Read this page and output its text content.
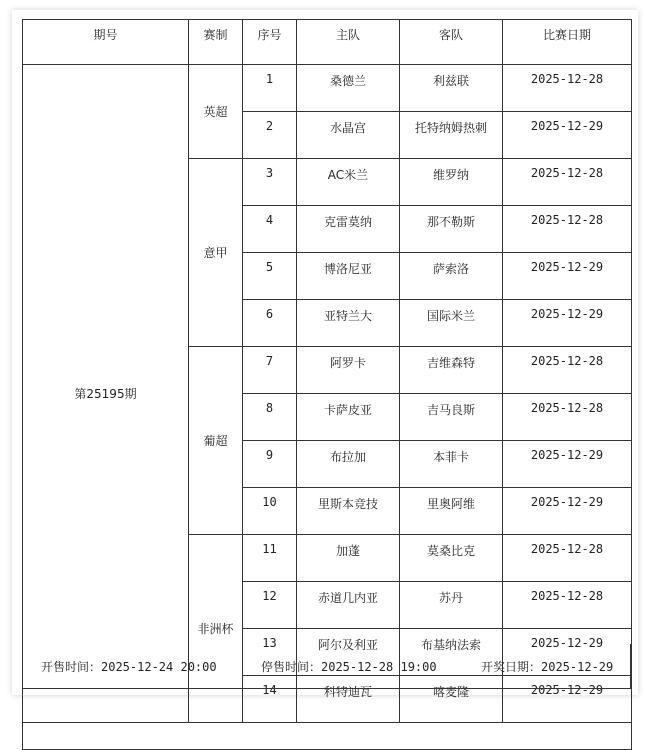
期号	赛制	序号	主队	客队	比赛日期
第25195期	英超	1	桑德兰	利兹联	2025-12-28
		2	水晶宫	托特纳姆热刺	2025-12-29
	意甲	3	AC米兰	维罗纳	2025-12-28
		4	克雷莫纳	那不勒斯	2025-12-28
		5	博洛尼亚	萨索洛	2025-12-29
		6	亚特兰大	国际米兰	2025-12-29
	葡超	7	阿罗卡	吉维森特	2025-12-28
		8	卡萨皮亚	吉马良斯	2025-12-28
		9	布拉加	本菲卡	2025-12-29
		10	里斯本竞技	里奥阿维	2025-12-29
	非洲杯	11	加蓬	莫桑比克	2025-12-28
		12	赤道几内亚	苏丹	2025-12-28
		13	阿尔及利亚	布基纳法索	2025-12-29
		14	科特迪瓦	喀麦隆	2025-12-29

开售时间：2025-12-24 20:00	停售时间：2025-12-28 19:00	开奖日期：2025-12-29
